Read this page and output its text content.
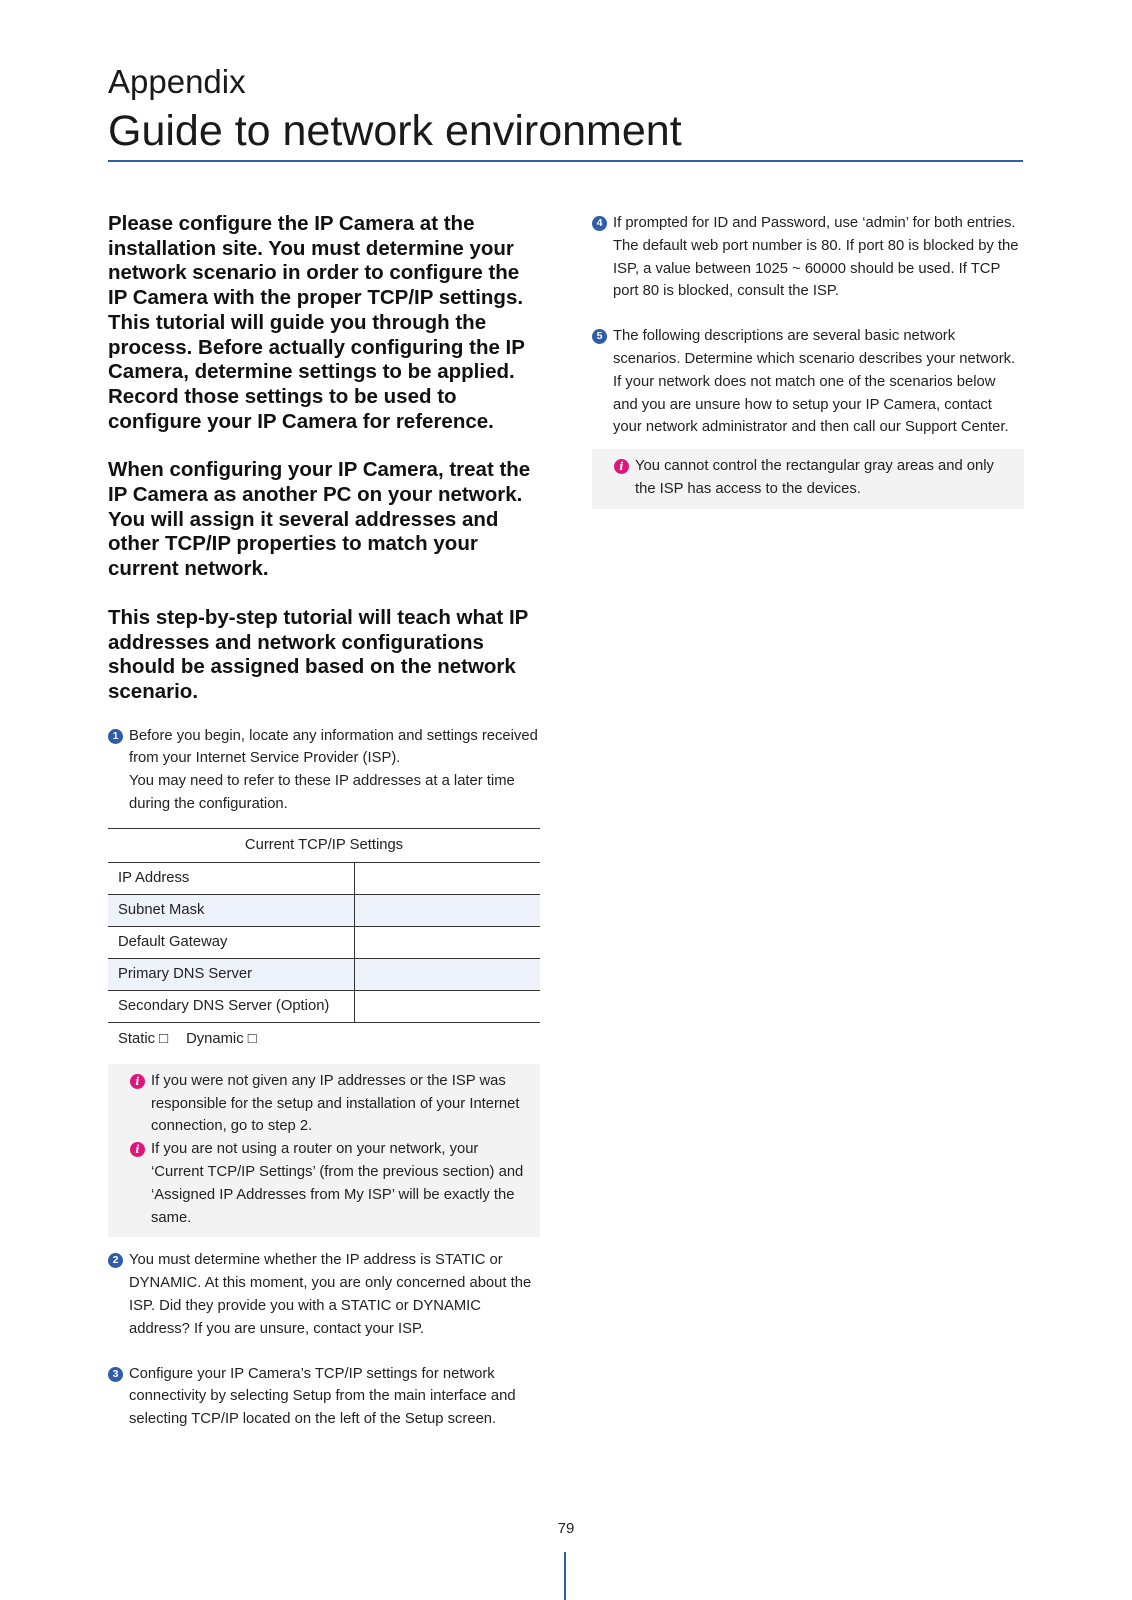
Appendix
Guide to network environment

Please configure the IP Camera at the installation site. You must determine your network scenario in order to configure the IP Camera with the proper TCP/IP settings. This tutorial will guide you through the process. Before actually configuring the IP Camera, determine settings to be applied. Record those settings to be used to configure your IP Camera for reference.

When configuring your IP Camera, treat the IP Camera as another PC on your network. You will assign it several addresses and other TCP/IP properties to match your current network.

This step-by-step tutorial will teach what IP addresses and network configurations should be assigned based on the network scenario.

1 Before you begin, locate any information and settings received from your Internet Service Provider (ISP).
You may need to refer to these IP addresses at a later time during the configuration.
Current TCP/IP Settings	
IP Address	
Subnet Mask	
Default Gateway	
Primary DNS Server	
Secondary DNS Server (Option)	
Static □ Dynamic □
i If you were not given any IP addresses or the ISP was responsible for the setup and installation of your Internet connection, go to step 2.
i If you are not using a router on your network, your ‘Current TCP/IP Settings’ (from the previous section) and ‘Assigned IP Addresses from My ISP’ will be exactly the same.
2 You must determine whether the IP address is STATIC or DYNAMIC. At this moment, you are only concerned about the ISP. Did they provide you with a STATIC or DYNAMIC address? If you are unsure, contact your ISP.
3 Configure your IP Camera’s TCP/IP settings for network connectivity by selecting Setup from the main interface and selecting TCP/IP located on the left of the Setup screen.
4 If prompted for ID and Password, use ‘admin’ for both entries. The default web port number is 80. If port 80 is blocked by the ISP, a value between 1025 ~ 60000 should be used. If TCP port 80 is blocked, consult the ISP.
5 The following descriptions are several basic network scenarios. Determine which scenario describes your network. If your network does not match one of the scenarios below and you are unsure how to setup your IP Camera, contact your network administrator and then call our Support Center.
i You cannot control the rectangular gray areas and only the ISP has access to the devices.
79
